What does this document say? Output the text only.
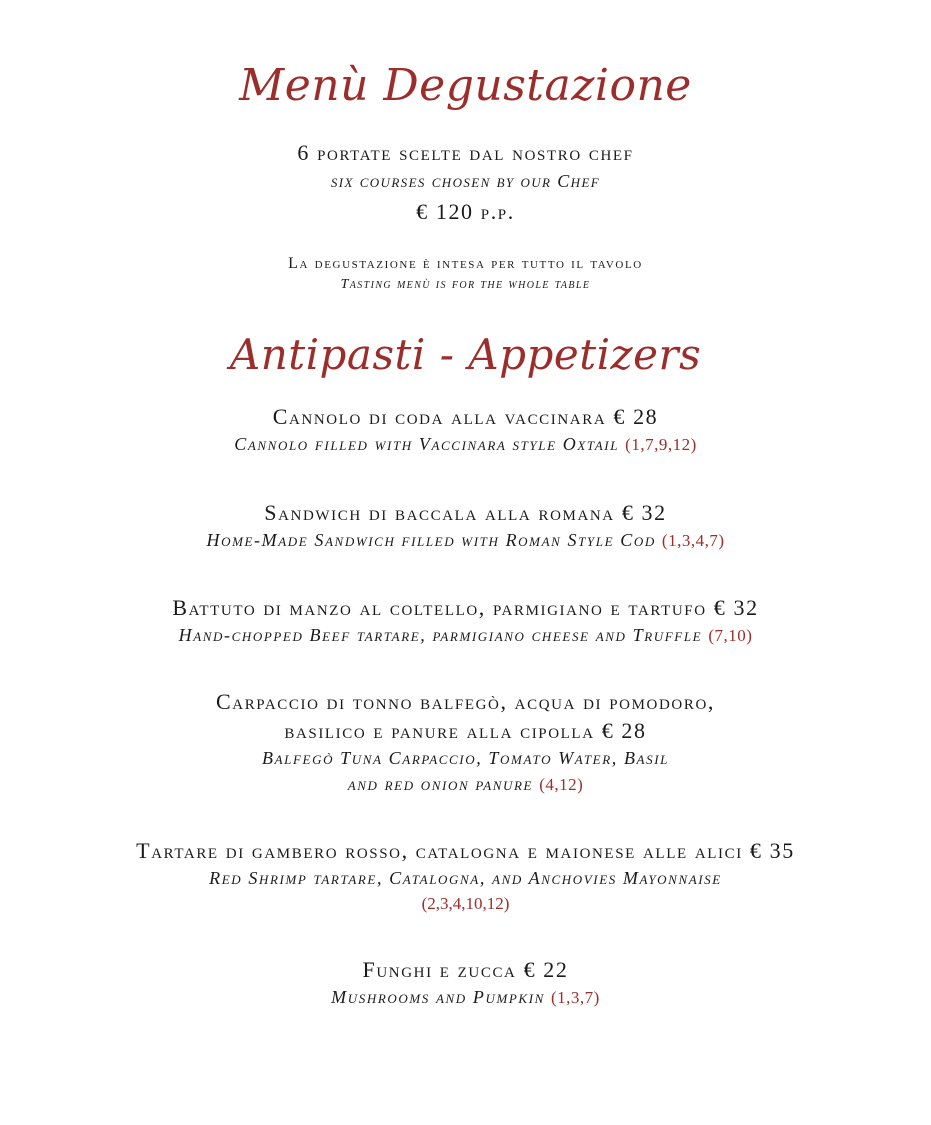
Menù Degustazione
6 portate scelte dal nostro chef
six courses chosen by our Chef
€ 120 p.p.
La degustazione è intesa per tutto il tavolo
Tasting menù is for the whole table
Antipasti - Appetizers

Cannolo di coda alla vaccinara € 28

Cannolo filled with Vaccinara style Oxtail (1,7,9,12)

Sandwich di baccala alla romana € 32

Home-Made Sandwich filled with Roman Style Cod (1,3,4,7)

Battuto di manzo al coltello, parmigiano e tartufo € 32

Hand-chopped Beef tartare, parmigiano cheese and Truffle (7,10)

Carpaccio di tonno balfegò, acqua di pomodoro,

basilico e panure alla cipolla € 28

Balfegò Tuna Carpaccio, Tomato Water, Basil

and red onion panure (4,12)

Tartare di gambero rosso, catalogna e maionese alle alici € 35

Red Shrimp tartare, Catalogna, and Anchovies Mayonnaise

(2,3,4,10,12)

Funghi e zucca € 22

Mushrooms and Pumpkin (1,3,7)
